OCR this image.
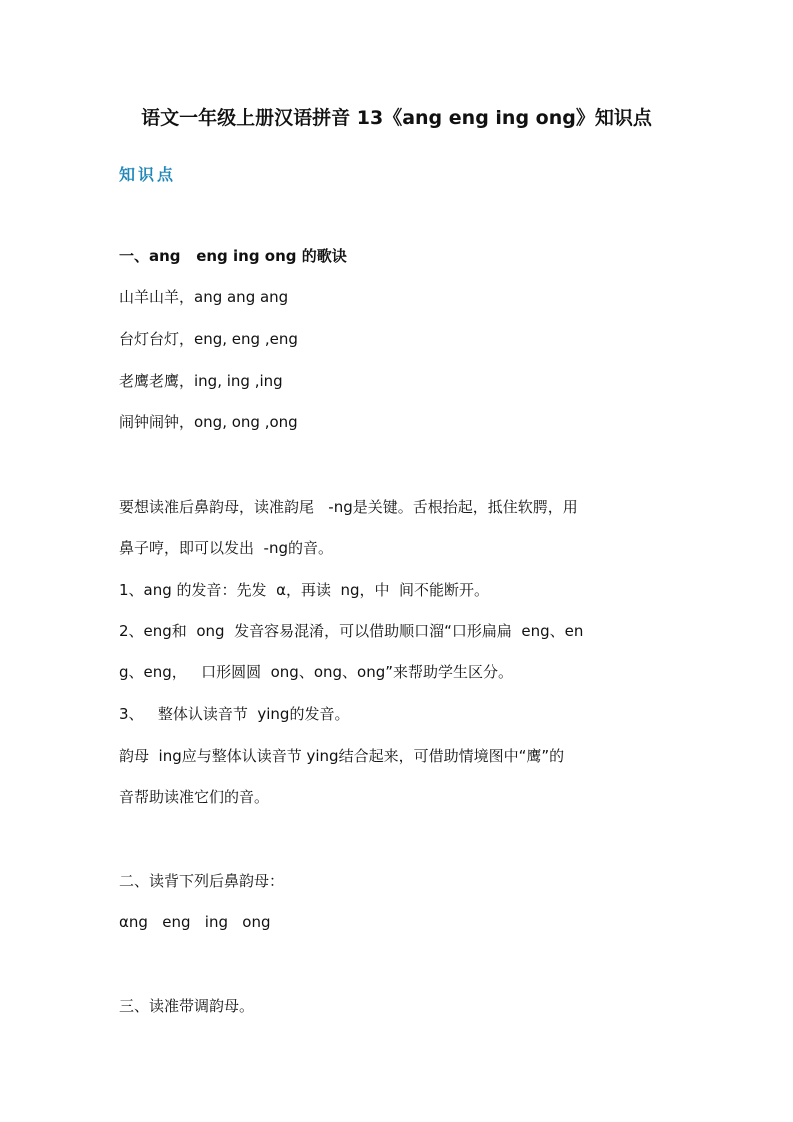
语文一年级上册汉语拼音 13《ang eng ing ong》知识点
知识点
一、ang   eng ing ong 的歌诀
山羊山羊，ang ang ang
台灯台灯，eng, eng ,eng
老鹰老鹰，ing, ing ,ing
闹钟闹钟，ong, ong ,ong
要想读准后鼻韵母，读准韵尾   -ng是关键。舌根抬起，抵住软腭，用
鼻子哼，即可以发出  -ng的音。
1、ang 的发音：先发  α，再读  ng，中  间不能断开。
2、eng和  ong  发音容易混淆，可以借助顺口溜“口形扁扁  eng、en
g、eng，   口形圆圆  ong、ong、ong”来帮助学生区分。
3、   整体认读音节  ying的发音。
韵母  ing应与整体认读音节 ying结合起来，可借助情境图中“鹰”的
音帮助读准它们的音。
二、读背下列后鼻韵母：
αng   eng   ing   ong
三、读准带调韵母。
